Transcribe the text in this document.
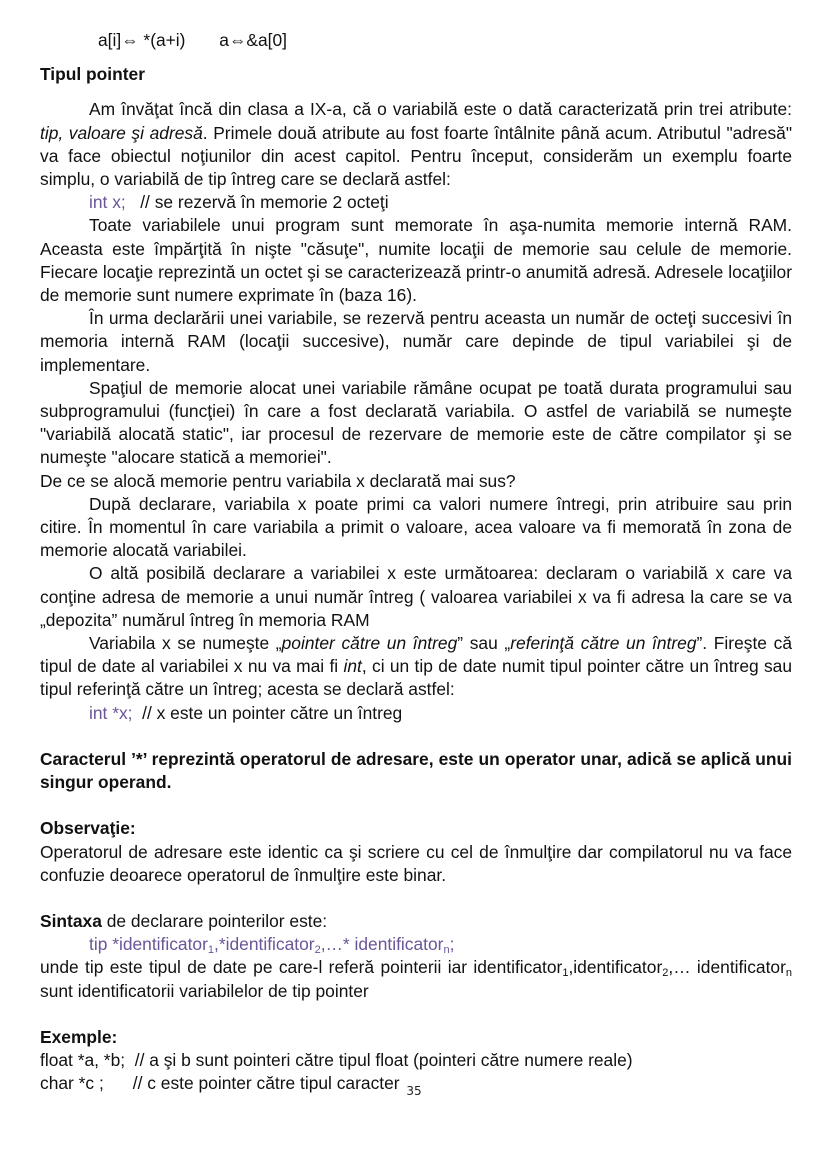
a[i]⇔ *(a+i)       a⇔&a[0]

Tipul pointer

Am învăţat încă din clasa a IX-a, că o variabilă este o dată caracterizată prin trei atribute: tip, valoare şi adresă. Primele două atribute au fost foarte întâlnite până acum. Atributul "adresă" va face obiectul noţiunilor din acest capitol. Pentru început, considerăm un exemplu foarte simplu, o variabilă de tip întreg care se declară astfel:

int x;   // se rezervă în memorie 2 octeţi

Toate variabilele unui program sunt memorate în aşa-numita memorie internă RAM. Aceasta este împărţită în nişte "căsuţe", numite locaţii de memorie sau celule de memorie. Fiecare locaţie reprezintă un octet şi se caracterizează printr-o anumită adresă. Adresele locaţiilor de memorie sunt numere exprimate în (baza 16).

În urma declarării unei variabile, se rezervă pentru aceasta un număr de octeţi succesivi în memoria internă RAM (locaţii succesive), număr care depinde de tipul variabilei şi de implementare.

Spaţiul de memorie alocat unei variabile rămâne ocupat pe toată durata programului sau subprogramului (funcţiei) în care a fost declarată variabila. O astfel de variabilă se numeşte "variabilă alocată static", iar procesul de rezervare de memorie este de către compilator şi se numeşte "alocare statică a memoriei".

De ce se alocă memorie pentru variabila x declarată mai sus?

După declarare, variabila x poate primi ca valori numere întregi, prin atribuire sau prin citire. În momentul în care variabila a primit o valoare, acea valoare va fi memorată în zona de memorie alocată variabilei.

O altă posibilă declarare a variabilei x este următoarea: declaram o variabilă x care va conţine adresa de memorie a unui număr întreg ( valoarea variabilei x va fi adresa la care se va „depozita” numărul întreg în memoria RAM

Variabila x se numeşte „pointer către un întreg” sau „referinţă către un întreg”. Fireşte că tipul de date al variabilei x nu va mai fi int, ci un tip de date numit tipul pointer către un întreg sau tipul referinţă către un întreg; acesta se declară astfel:

int *x;  // x este un pointer către un întreg

Caracterul ’*’ reprezintă operatorul de adresare, este un operator unar, adică se aplică unui singur operand.

Observaţie:

Operatorul de adresare este identic ca şi scriere cu cel de înmulţire dar compilatorul nu va face confuzie deoarece operatorul de înmulţire este binar.

Sintaxa de declarare pointerilor este:

tip *identificator$_1$,*identificator$_2$,…* identificator$_n$;

unde tip este tipul de date pe care-l referă pointerii iar identificator$_1$,identificator$_2$,… identificator$_n$ sunt identificatorii variabilelor de tip pointer

Exemple:

float *a, *b;  // a şi b sunt pointeri către tipul float (pointeri către numere reale)

char *c ;      // c este pointer către tipul caracter 35
